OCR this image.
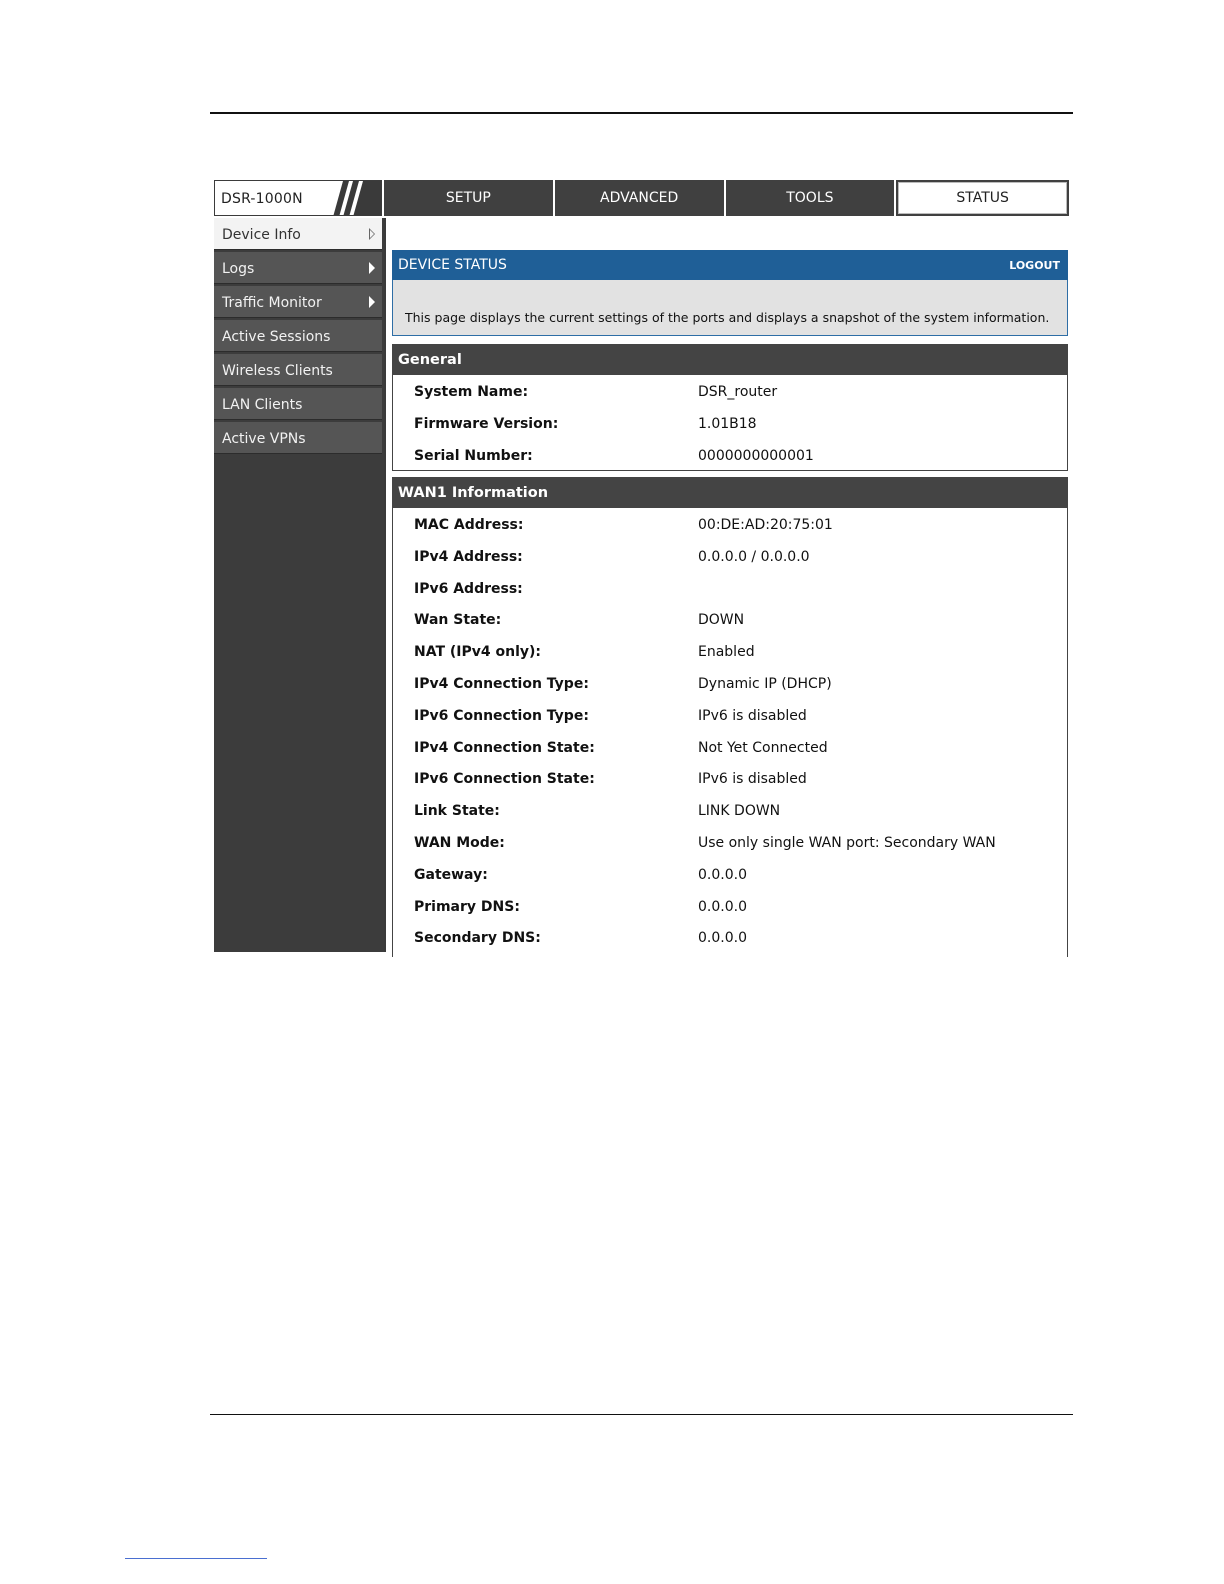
DSR-1000N	SETUP	ADVANCED	TOOLS	STATUS
Device Info
Logs
Traffic Monitor
Active Sessions
Wireless Clients
LAN Clients
Active VPNs
DEVICE STATUS	LOGOUT
This page displays the current settings of the ports and displays a snapshot of the system information.
General
System Name:	DSR_router
Firmware Version:	1.01B18
Serial Number:	0000000000001
WAN1 Information
MAC Address:	00:DE:AD:20:75:01
IPv4 Address:	0.0.0.0 / 0.0.0.0
IPv6 Address:
Wan State:	DOWN
NAT (IPv4 only):	Enabled
IPv4 Connection Type:	Dynamic IP (DHCP)
IPv6 Connection Type:	IPv6 is disabled
IPv4 Connection State:	Not Yet Connected
IPv6 Connection State:	IPv6 is disabled
Link State:	LINK DOWN
WAN Mode:	Use only single WAN port: Secondary WAN
Gateway:	0.0.0.0
Primary DNS:	0.0.0.0
Secondary DNS:	0.0.0.0
